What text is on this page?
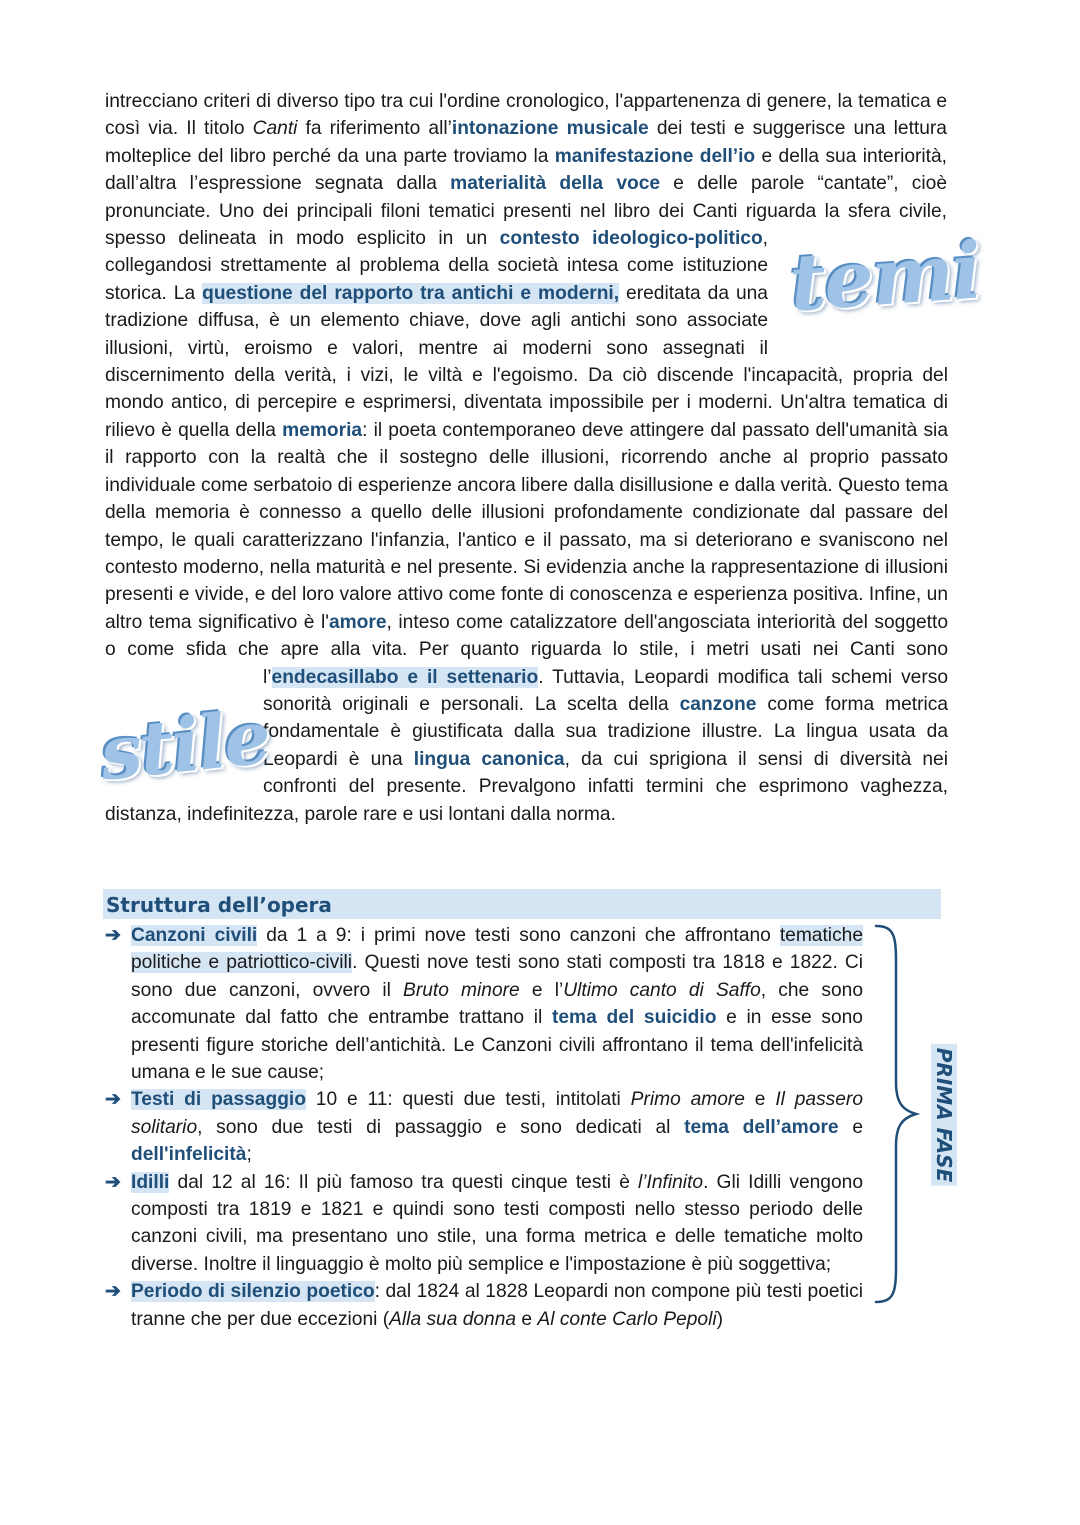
intrecciano criteri di diverso tipo tra cui l'ordine cronologico, l'appartenenza di genere, la tematica e così via. Il titolo Canti fa riferimento all’intonazione musicale dei testi e suggerisce una lettura molteplice del libro perché da una parte troviamo la manifestazione dell’io e della sua interiorità, dall’altra l’espressione segnata dalla materialità della voce e delle parole “cantate”, cioè pronunciate. Uno dei principali filoni tematici presenti nel libro dei Canti riguarda la sfera civile, spesso delineata in modo esplicito in un contesto ideologico-politico, collegandosi strettamente al problema della società intesa come istituzione storica. La questione del rapporto tra antichi e moderni, ereditata da una tradizione diffusa, è un elemento chiave, dove agli antichi sono associate illusioni, virtù, eroismo e valori, mentre ai moderni sono assegnati il discernimento della verità, i vizi, le viltà e l'egoismo. Da ciò discende l'incapacità, propria del mondo antico, di percepire e esprimersi, diventata impossibile per i moderni. Un'altra tematica di rilievo è quella della memoria: il poeta contemporaneo deve attingere dal passato dell'umanità sia il rapporto con la realtà che il sostegno delle illusioni, ricorrendo anche al proprio passato individuale come serbatoio di esperienze ancora libere dalla disillusione e dalla verità. Questo tema della memoria è connesso a quello delle illusioni profondamente condizionate dal passare del tempo, le quali caratterizzano l'infanzia, l'antico e il passato, ma si deteriorano e svaniscono nel contesto moderno, nella maturità e nel presente. Si evidenzia anche la rappresentazione di illusioni presenti e vivide, e del loro valore attivo come fonte di conoscenza e esperienza positiva. Infine, un altro tema significativo è l'amore, inteso come catalizzatore dell'angosciata interiorità del soggetto o come sfida che apre alla vita. Per quanto riguarda lo stile, i metri usati nei Canti sono l’
endecasillabo e il settenario. Tuttavia, Leopardi modifica tali schemi verso sonorità originali e personali. La scelta della canzone come forma metrica fondamentale è giustificata dalla sua tradizione illustre. La lingua usata da Leopardi è una lingua canonica, da cui sprigiona il sensi di diversità nei confronti del presente. Prevalgono infatti termini che esprimono vaghezza, distanza, indefinitezza, parole rare e usi lontani dalla norma.

temi
stile
Struttura dell’opera
➔ Canzoni civili da 1 a 9: i primi nove testi sono canzoni che affrontano tematiche politiche e patriottico-civili. Questi nove testi sono stati composti tra 1818 e 1822. Ci sono due canzoni, ovvero il Bruto minore e l’Ultimo canto di Saffo, che sono accomunate dal fatto che entrambe trattano il tema del suicidio e in esse sono presenti figure storiche dell’antichità. Le Canzoni civili affrontano il tema dell'infelicità umana e le sue cause;
➔ Testi di passaggio 10 e 11: questi due testi, intitolati Primo amore e Il passero solitario, sono due testi di passaggio e sono dedicati al tema dell’amore e dell'infelicità;
➔ Idilli dal 12 al 16: Il più famoso tra questi cinque testi è l’Infinito. Gli Idilli vengono composti tra 1819 e 1821 e quindi sono testi composti nello stesso periodo delle canzoni civili, ma presentano uno stile, una forma metrica e delle tematiche molto diverse. Inoltre il linguaggio è molto più semplice e l'impostazione è più soggettiva;
➔ Periodo di silenzio poetico: dal 1824 al 1828 Leopardi non compone più testi poetici tranne che per due eccezioni (Alla sua donna e Al conte Carlo Pepoli)
PRIMA FASE
